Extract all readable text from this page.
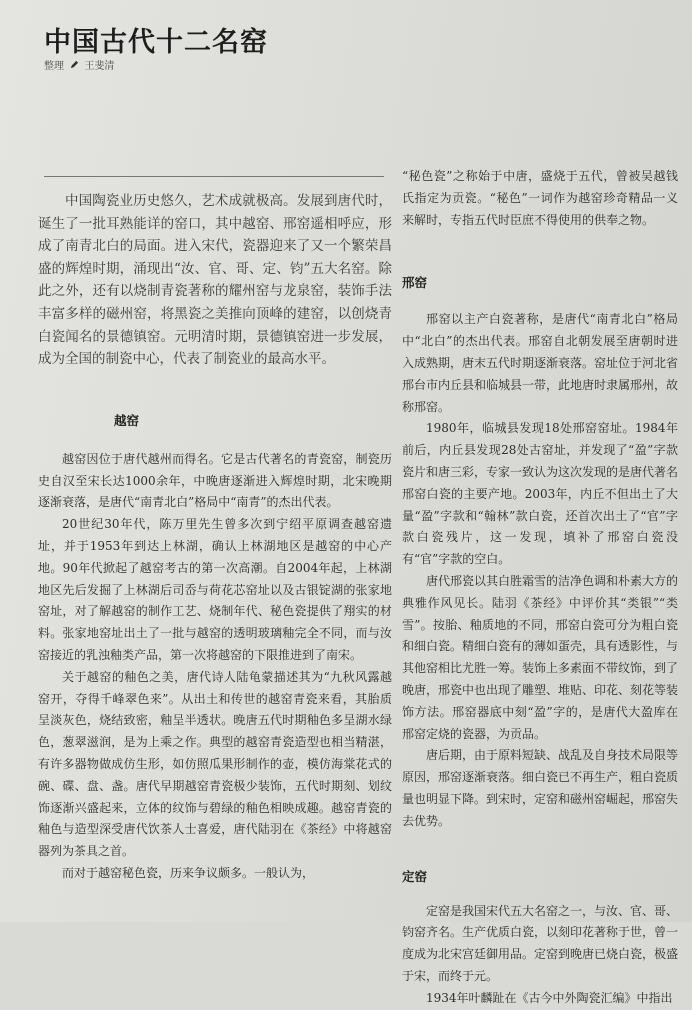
中国古代十二名窑
整理 王斐清

中国陶瓷业历史悠久，艺术成就极高。发展到唐代时，诞生了一批耳熟能详的窑口，其中越窑、邢窑遥相呼应，形成了南青北白的局面。进入宋代，瓷器迎来了又一个繁荣昌盛的辉煌时期，涌现出“汝、官、哥、定、钧”五大名窑。除此之外，还有以烧制青瓷著称的耀州窑与龙泉窑，装饰手法丰富多样的磁州窑，将黑瓷之美推向顶峰的建窑，以创烧青白瓷闻名的景德镇窑。元明清时期，景德镇窑进一步发展，成为全国的制瓷中心，代表了制瓷业的最高水平。

越窑

越窑因位于唐代越州而得名。它是古代著名的青瓷窑，制瓷历史自汉至宋长达1000余年，中晚唐逐渐进入辉煌时期，北宋晚期逐渐衰落，是唐代“南青北白”格局中“南青”的杰出代表。

20世纪30年代，陈万里先生曾多次到宁绍平原调查越窑遗址，并于1953年到达上林湖，确认上林湖地区是越窑的中心产地。90年代掀起了越窑考古的第一次高潮。自2004年起，上林湖地区先后发掘了上林湖后司岙与荷花芯窑址以及古银锭湖的张家地窑址，对了解越窑的制作工艺、烧制年代、秘色瓷提供了翔实的材料。张家地窑址出土了一批与越窑的透明玻璃釉完全不同，而与汝窑接近的乳浊釉类产品，第一次将越窑的下限推进到了南宋。

关于越窑的釉色之美，唐代诗人陆龟蒙描述其为“九秋风露越窑开，夺得千峰翠色来”。从出土和传世的越窑青瓷来看，其胎质呈淡灰色，烧结致密，釉呈半透状。晚唐五代时期釉色多呈湖水绿色，葱翠滋润，是为上乘之作。典型的越窑青瓷造型也相当精湛，有许多器物做成仿生形，如仿照瓜果形制作的壶，模仿海棠花式的碗、碟、盘、盏。唐代早期越窑青瓷极少装饰，五代时期刻、划纹饰逐渐兴盛起来，立体的纹饰与碧绿的釉色相映成趣。越窑青瓷的釉色与造型深受唐代饮茶人士喜爱，唐代陆羽在《茶经》中将越窑器列为茶具之首。

而对于越窑秘色瓷，历来争议颇多。一般认为，

“秘色瓷”之称始于中唐，盛烧于五代，曾被吴越钱氏指定为贡瓷。“秘色”一词作为越窑珍奇精品一义来解时，专指五代时臣庶不得使用的供奉之物。

邢窑

邢窑以主产白瓷著称，是唐代“南青北白”格局中“北白”的杰出代表。邢窑自北朝发展至唐朝时进入成熟期，唐末五代时期逐渐衰落。窑址位于河北省邢台市内丘县和临城县一带，此地唐时隶属邢州，故称邢窑。

1980年，临城县发现18处邢窑窑址。1984年前后，内丘县发现28处古窑址，并发现了“盈”字款瓷片和唐三彩，专家一致认为这次发现的是唐代著名邢窑白瓷的主要产地。2003年，内丘不但出土了大量“盈”字款和“翰林”款白瓷，还首次出土了“官”字款白瓷残片，这一发现，填补了邢窑白瓷没有“官”字款的空白。

唐代邢瓷以其白胜霜雪的洁净色调和朴素大方的典雅作风见长。陆羽《茶经》中评价其“类银”“类雪”。按胎、釉质地的不同，邢窑白瓷可分为粗白瓷和细白瓷。精细白瓷有的薄如蛋壳，具有透影性，与其他窑相比尤胜一筹。装饰上多素面不带纹饰，到了晚唐，邢瓷中也出现了雕塑、堆贴、印花、刻花等装饰方法。邢窑器底中刻“盈”字的，是唐代大盈库在邢窑定烧的瓷器，为贡品。

唐后期，由于原料短缺、战乱及自身技术局限等原因，邢窑逐渐衰落。细白瓷已不再生产，粗白瓷质量也明显下降。到宋时，定窑和磁州窑崛起，邢窑失去优势。

定窑

定窑是我国宋代五大名窑之一，与汝、官、哥、钧窑齐名。生产优质白瓷，以刻印花著称于世，曾一度成为北宋宫廷御用品。定窑到晚唐已烧白瓷，极盛于宋，而终于元。

1934年叶麟趾在《古今中外陶瓷汇编》中指出
